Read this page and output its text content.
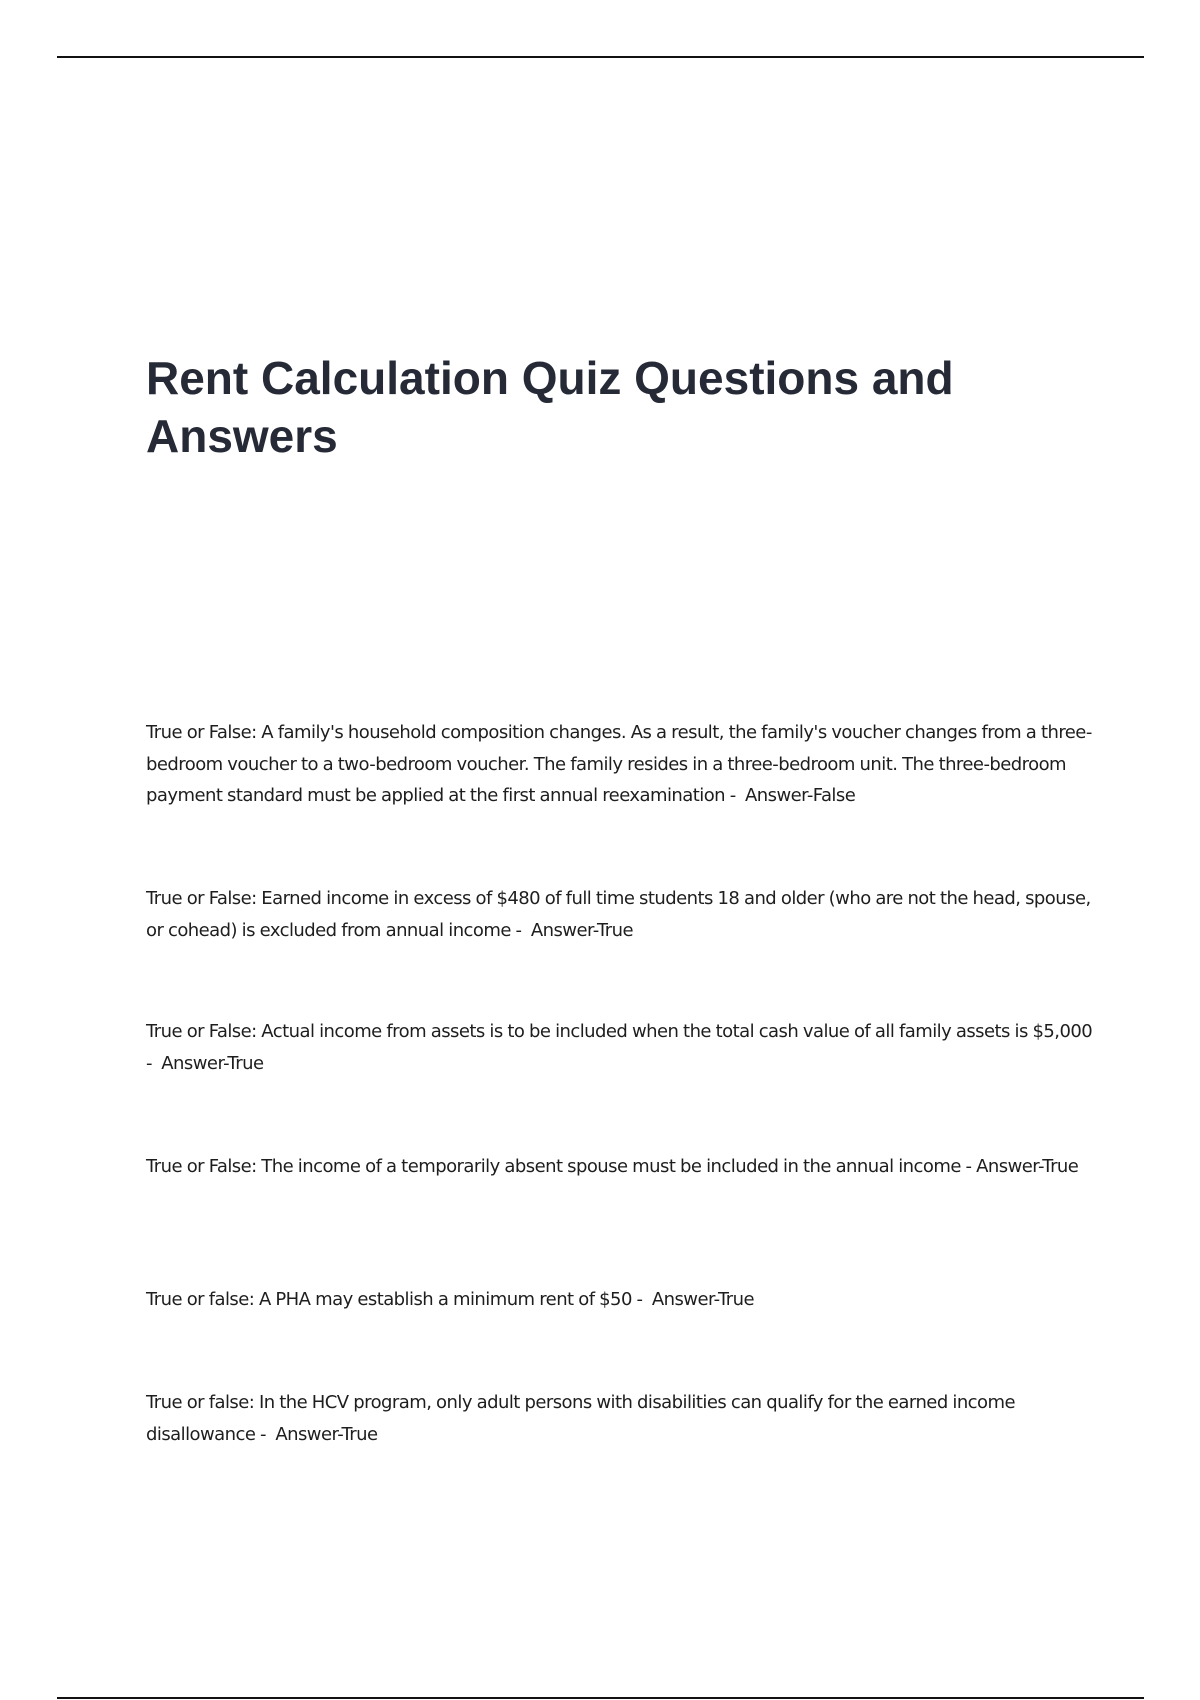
Rent Calculation Quiz Questions and Answers

True or False: A family's household composition changes. As a result, the family's voucher changes from a three-bedroom voucher to a two-bedroom voucher. The family resides in a three-bedroom unit. The three-bedroom payment standard must be applied at the first annual reexamination - Answer-False

True or False: Earned income in excess of $480 of full time students 18 and older (who are not the head, spouse, or cohead) is excluded from annual income - Answer-True

True or False: Actual income from assets is to be included when the total cash value of all family assets is $5,000 - Answer-True

True or False: The income of a temporarily absent spouse must be included in the annual income - Answer-True

True or false: A PHA may establish a minimum rent of $50 - Answer-True

True or false: In the HCV program, only adult persons with disabilities can qualify for the earned income disallowance - Answer-True
